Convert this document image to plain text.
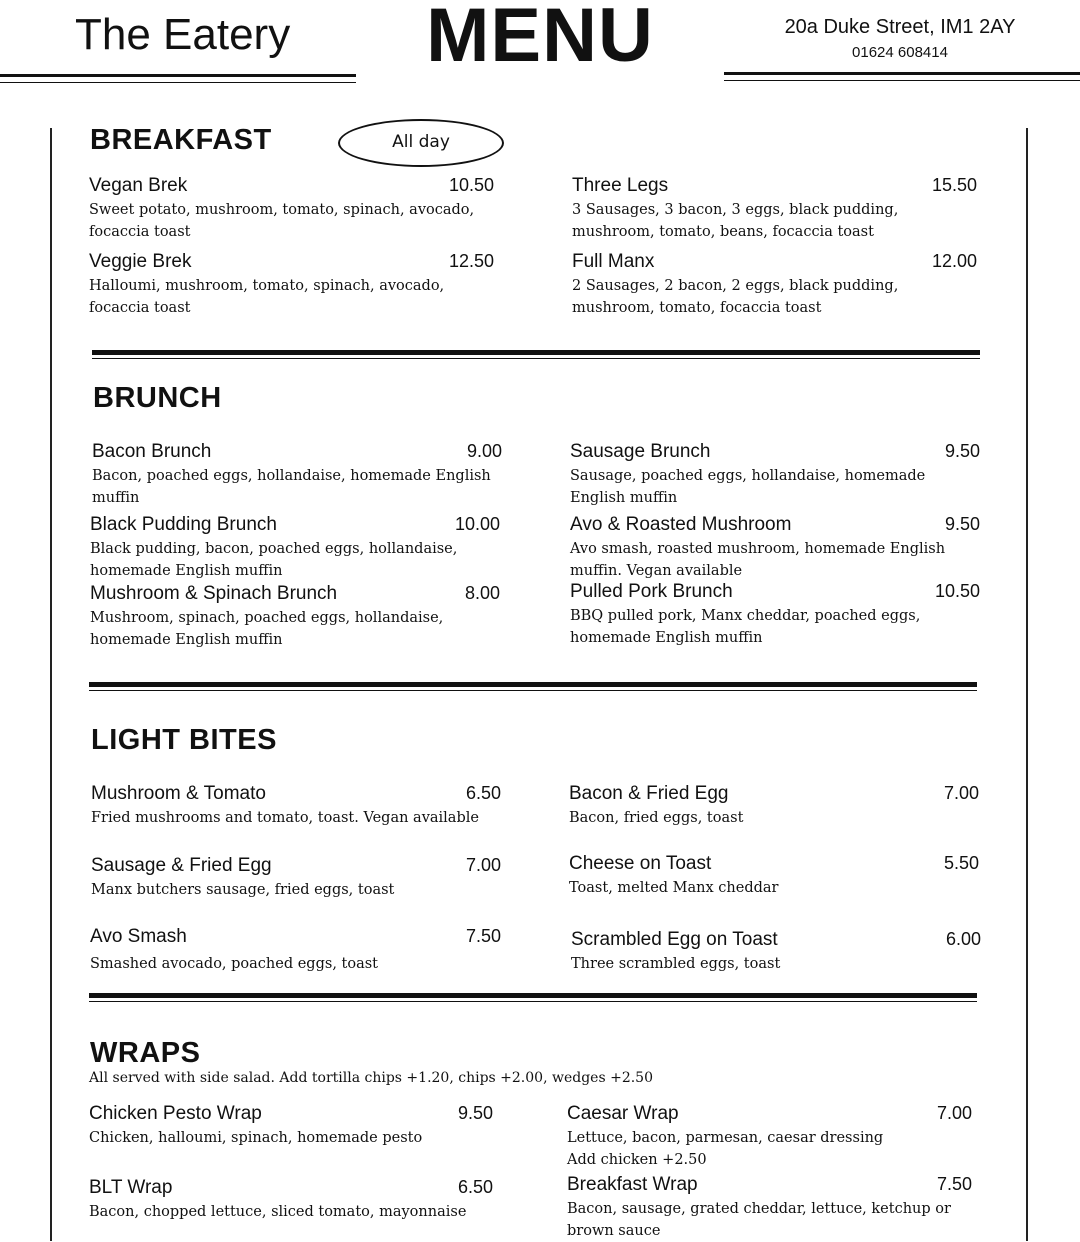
The Eatery	MENU	20a Duke Street, IM1 2AY
01624 608414
BREAKFAST	All day
Vegan Brek	10.50
Sweet potato, mushroom, tomato, spinach, avocado, focaccia toast
Three Legs	15.50
3 Sausages, 3 bacon, 3 eggs, black pudding, mushroom, tomato, beans, focaccia toast
Veggie Brek	12.50
Halloumi, mushroom, tomato, spinach, avocado, focaccia toast
Full Manx	12.00
2 Sausages, 2 bacon, 2 eggs, black pudding, mushroom, tomato, focaccia toast
BRUNCH
Bacon Brunch	9.00
Bacon, poached eggs, hollandaise, homemade English muffin
Sausage Brunch	9.50
Sausage, poached eggs, hollandaise, homemade English muffin
Black Pudding Brunch	10.00
Black pudding, bacon, poached eggs, hollandaise, homemade English muffin
Avo & Roasted Mushroom	9.50
Avo smash, roasted mushroom, homemade English muffin. Vegan available
Mushroom & Spinach Brunch	8.00
Mushroom, spinach, poached eggs, hollandaise, homemade English muffin
Pulled Pork Brunch	10.50
BBQ pulled pork, Manx cheddar, poached eggs, homemade English muffin
LIGHT BITES
Mushroom & Tomato	6.50
Fried mushrooms and tomato, toast. Vegan available
Bacon & Fried Egg	7.00
Bacon, fried eggs, toast
Sausage & Fried Egg	7.00
Manx butchers sausage, fried eggs, toast
Cheese on Toast	5.50
Toast, melted Manx cheddar
Avo Smash	7.50
Smashed avocado, poached eggs, toast
Scrambled Egg on Toast	6.00
Three scrambled eggs, toast
WRAPS
All served with side salad. Add tortilla chips +1.20, chips +2.00, wedges +2.50
Chicken Pesto Wrap	9.50
Chicken, halloumi, spinach, homemade pesto
Caesar Wrap	7.00
Lettuce, bacon, parmesan, caesar dressing
Add chicken +2.50
BLT Wrap	6.50
Bacon, chopped lettuce, sliced tomato, mayonnaise
Breakfast Wrap	7.50
Bacon, sausage, grated cheddar, lettuce, ketchup or brown sauce
